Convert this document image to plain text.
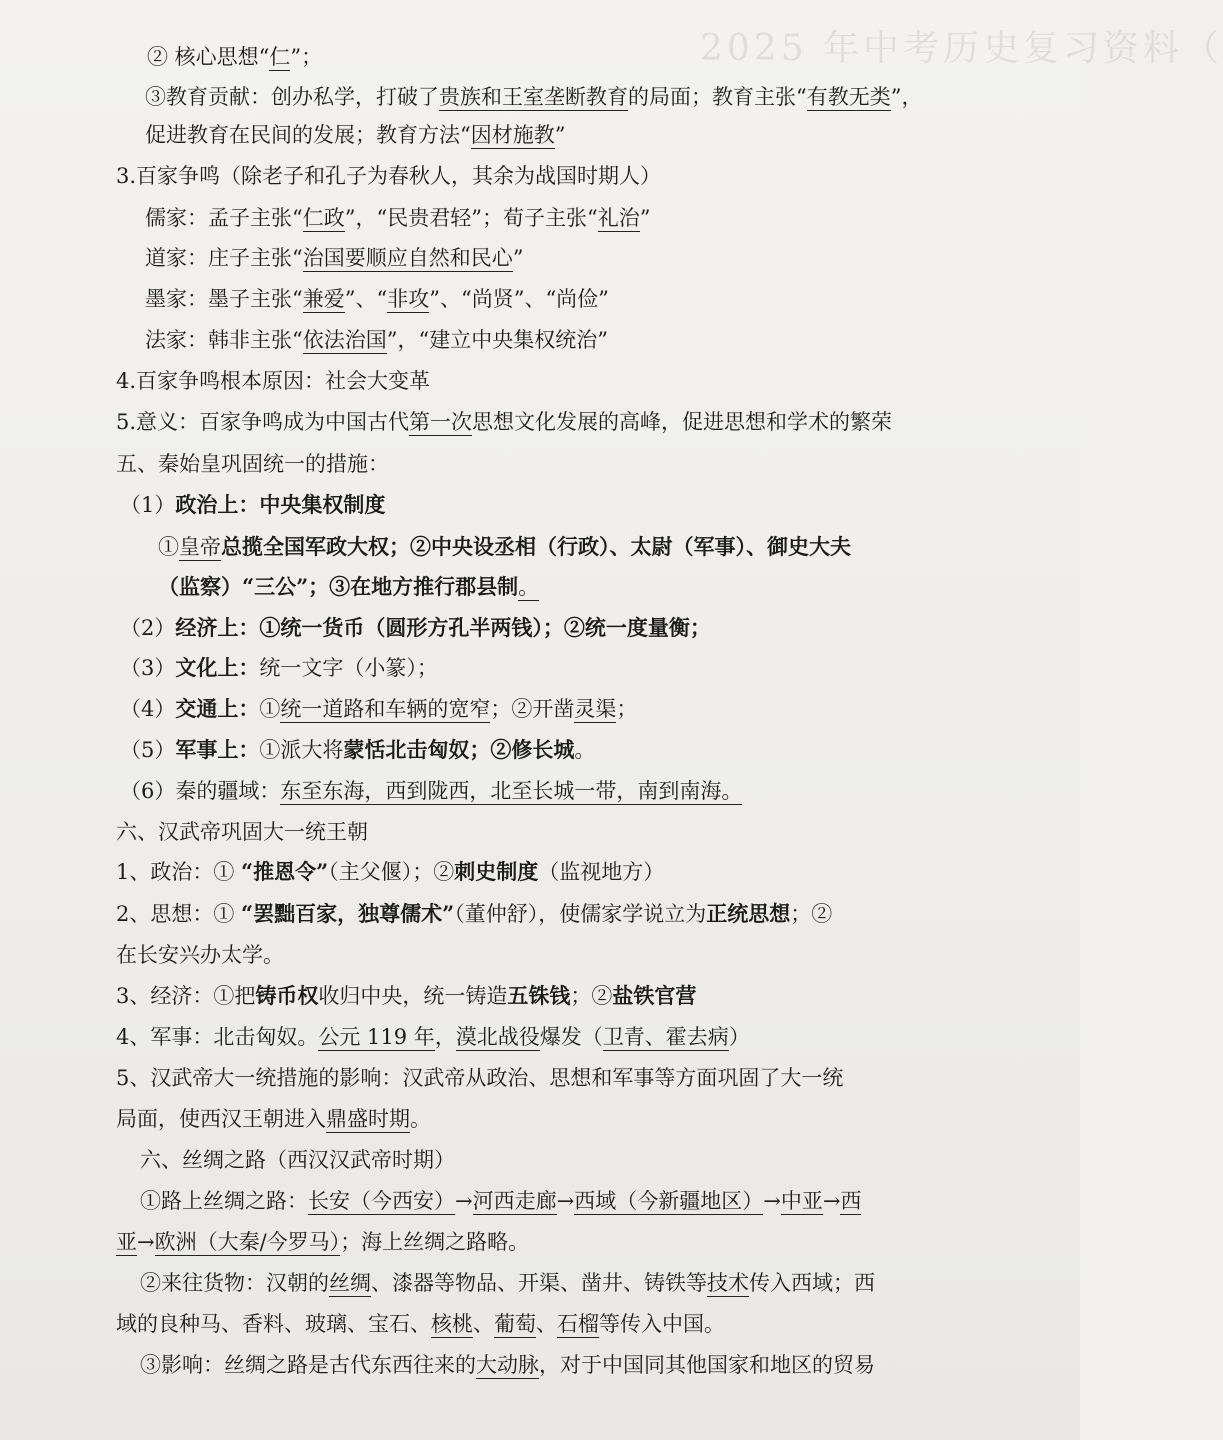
2025 年中考历史复习资料（
② 核心思想“仁”；
③教育贡献：创办私学，打破了贵族和王室垄断教育的局面；教育主张“有教无类”，
促进教育在民间的发展；教育方法“因材施教”
3.百家争鸣（除老子和孔子为春秋人，其余为战国时期人）
儒家：孟子主张“仁政”，“民贵君轻”；荀子主张“礼治”
道家：庄子主张“治国要顺应自然和民心”
墨家：墨子主张“兼爱”、“非攻”、“尚贤”、“尚俭”
法家：韩非主张“依法治国”，“建立中央集权统治”
4.百家争鸣根本原因：社会大变革
5.意义：百家争鸣成为中国古代第一次思想文化发展的高峰，促进思想和学术的繁荣
五、秦始皇巩固统一的措施：
（1）政治上：中央集权制度
①皇帝总揽全国军政大权；②中央设丞相（行政）、太尉（军事）、御史大夫
（监察）“三公”；③在地方推行郡县制。
（2）经济上：①统一货币（圆形方孔半两钱）；②统一度量衡；
（3）文化上：统一文字（小篆）；
（4）交通上：①统一道路和车辆的宽窄；②开凿灵渠；
（5）军事上：①派大将蒙恬北击匈奴；②修长城。
（6）秦的疆域：东至东海，西到陇西，北至长城一带，南到南海。
六、汉武帝巩固大一统王朝
1、政治：① “推恩令”（主父偃）；②刺史制度（监视地方）
2、思想：① “罢黜百家，独尊儒术”（董仲舒），使儒家学说立为正统思想；②
在长安兴办太学。
3、经济：①把铸币权收归中央，统一铸造五铢钱；②盐铁官营
4、军事：北击匈奴。公元 119 年，漠北战役爆发（卫青、霍去病）
5、汉武帝大一统措施的影响：汉武帝从政治、思想和军事等方面巩固了大一统
局面，使西汉王朝进入鼎盛时期。
六、丝绸之路（西汉汉武帝时期）
①路上丝绸之路：长安（今西安）→河西走廊→西域（今新疆地区）→中亚→西
亚→欧洲（大秦/今罗马）；海上丝绸之路略。
②来往货物：汉朝的丝绸、漆器等物品、开渠、凿井、铸铁等技术传入西域；西
域的良种马、香料、玻璃、宝石、核桃、葡萄、石榴等传入中国。
③影响：丝绸之路是古代东西往来的大动脉，对于中国同其他国家和地区的贸易
